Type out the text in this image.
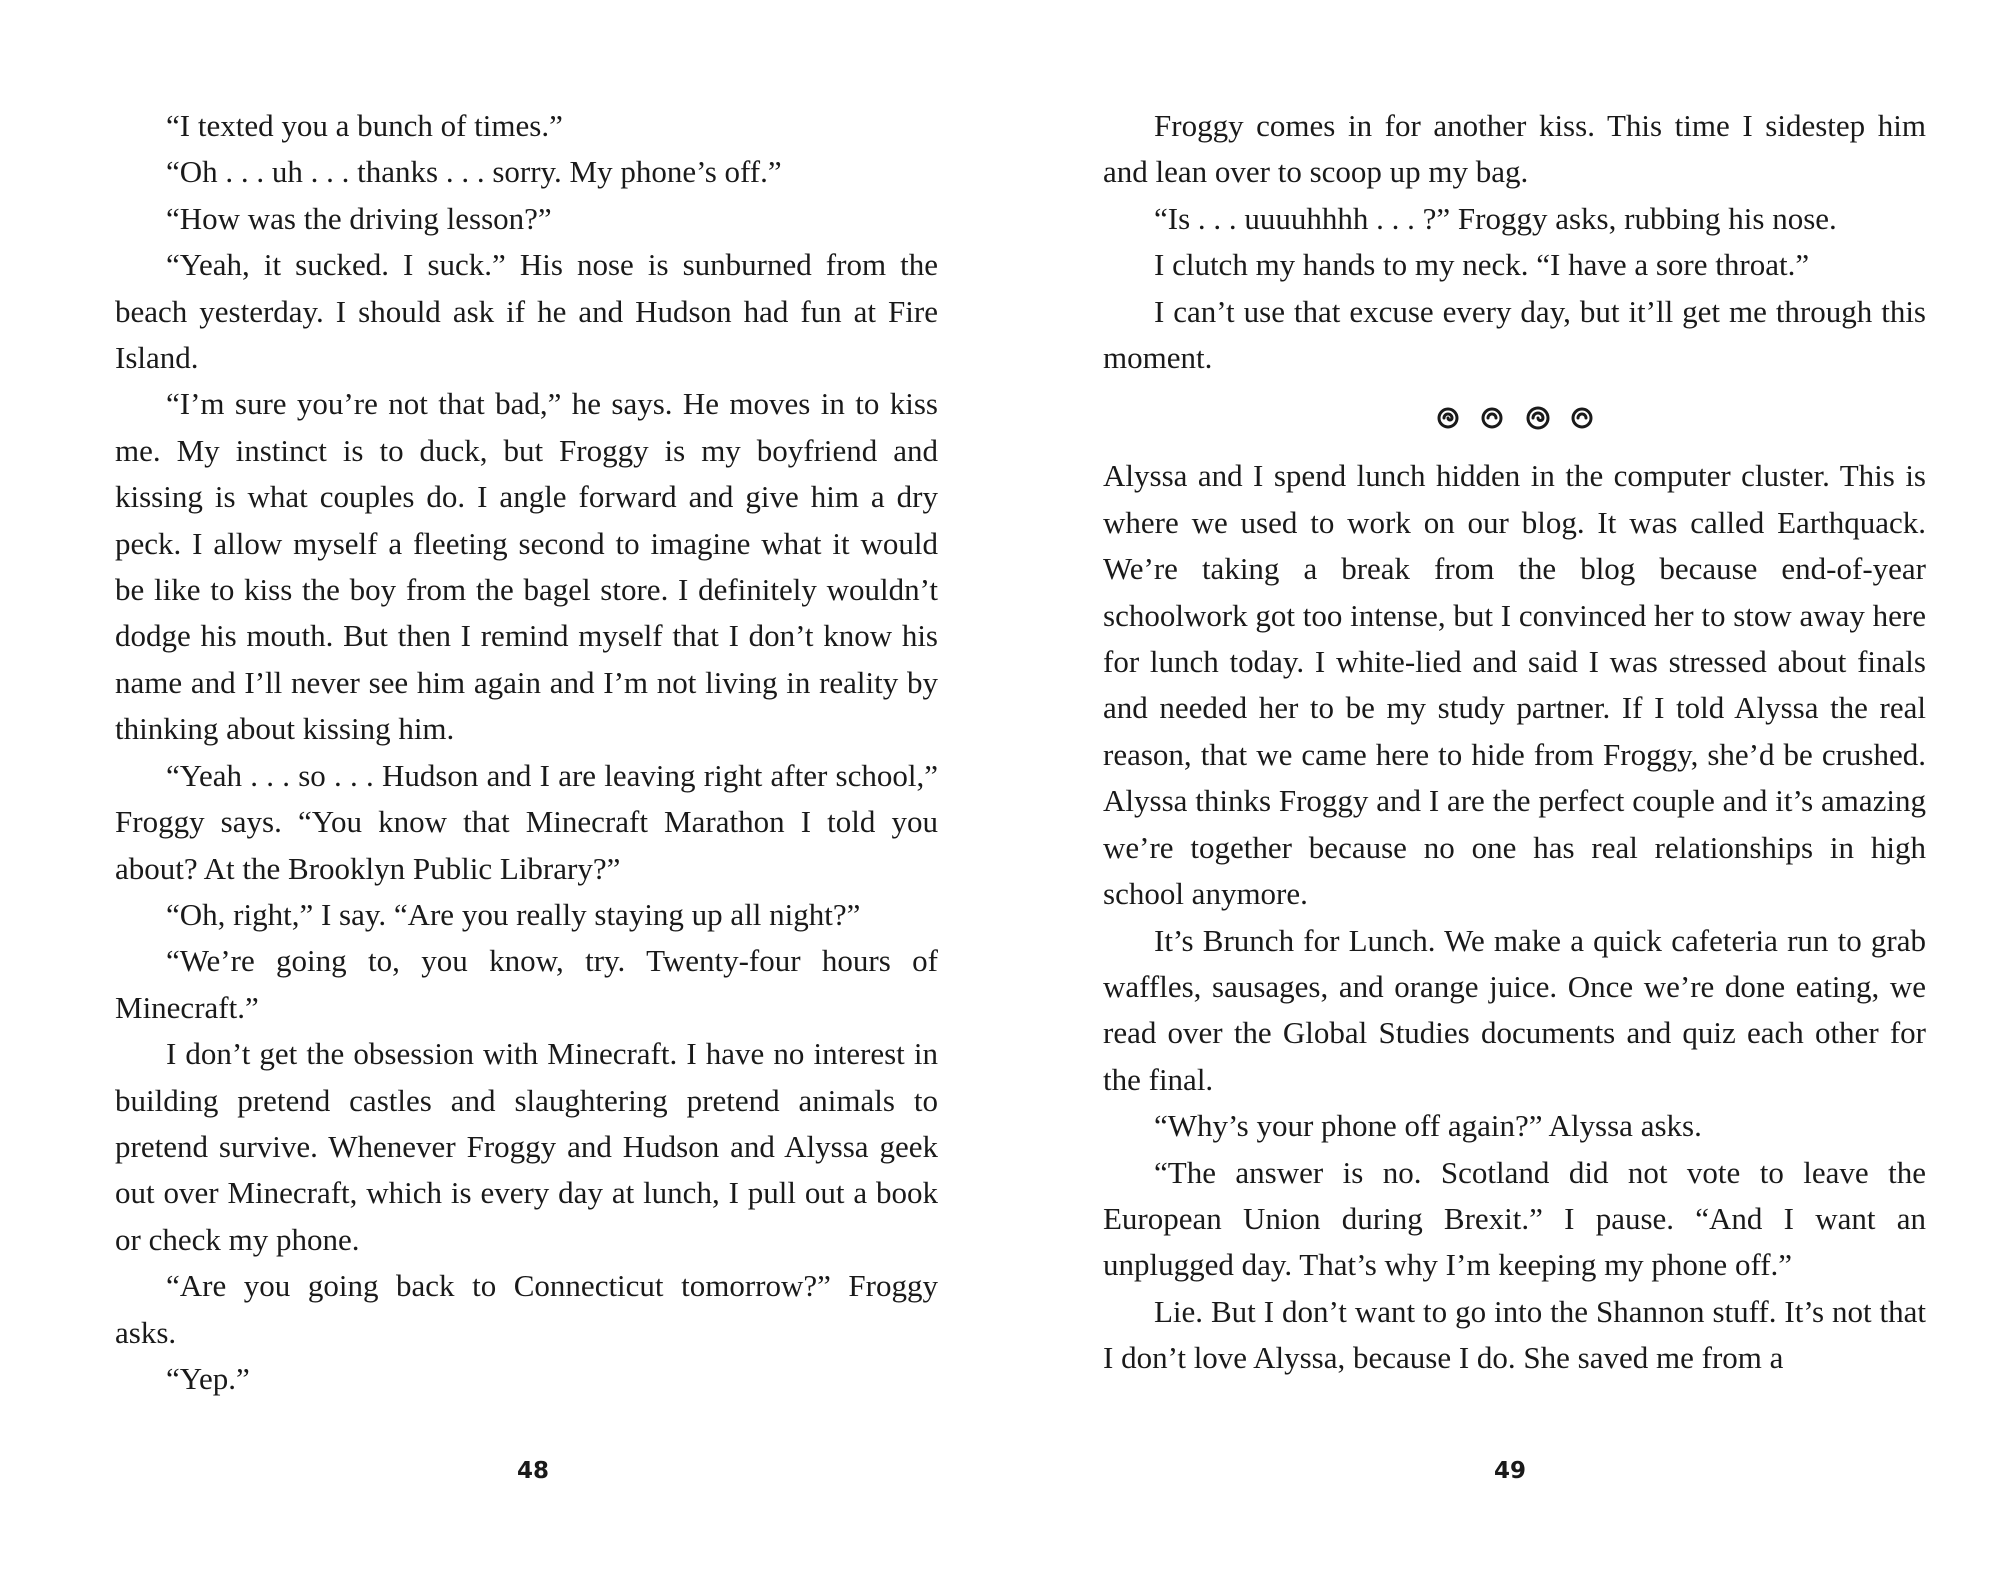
“I texted you a bunch of times.”

“Oh . . . uh . . . thanks . . . sorry. My phone’s off.”

“How was the driving lesson?”

“Yeah, it sucked. I suck.” His nose is sunburned from the beach yesterday. I should ask if he and Hudson had fun at Fire Island.

“I’m sure you’re not that bad,” he says. He moves in to kiss me. My instinct is to duck, but Froggy is my boyfriend and kissing is what couples do. I angle forward and give him a dry peck. I allow myself a fleeting second to imagine what it would be like to kiss the boy from the bagel store. I definitely wouldn’t dodge his mouth. But then I remind myself that I don’t know his name and I’ll never see him again and I’m not living in reality by thinking about kissing him.

“Yeah . . . so . . . Hudson and I are leaving right after school,” Froggy says. “You know that Minecraft Marathon I told you about? At the Brooklyn Public Library?”

“Oh, right,” I say. “Are you really staying up all night?”

“We’re going to, you know, try. Twenty-four hours of Minecraft.”

I don’t get the obsession with Minecraft. I have no interest in building pretend castles and slaughtering pretend animals to pretend survive. Whenever Froggy and Hudson and Alyssa geek out over Minecraft, which is every day at lunch, I pull out a book or check my phone.

“Are you going back to Connecticut tomorrow?” Froggy asks.

“Yep.”

48

Froggy comes in for another kiss. This time I sidestep him and lean over to scoop up my bag.

“Is . . . uuuuhhhh . . . ?” Froggy asks, rubbing his nose.

I clutch my hands to my neck. “I have a sore throat.”

I can’t use that excuse every day, but it’ll get me through this moment.

Alyssa and I spend lunch hidden in the computer cluster. This is where we used to work on our blog. It was called Earthquack. We’re taking a break from the blog because end-of-year schoolwork got too intense, but I convinced her to stow away here for lunch today. I white-lied and said I was stressed about finals and needed her to be my study partner. If I told Alyssa the real reason, that we came here to hide from Froggy, she’d be crushed. Alyssa thinks Froggy and I are the perfect couple and it’s amazing we’re together because no one has real relationships in high school anymore.

It’s Brunch for Lunch. We make a quick cafeteria run to grab waffles, sausages, and orange juice. Once we’re done eating, we read over the Global Studies documents and quiz each other for the final.

“Why’s your phone off again?” Alyssa asks.

“The answer is no. Scotland did not vote to leave the European Union during Brexit.” I pause. “And I want an unplugged day. That’s why I’m keeping my phone off.”

Lie. But I don’t want to go into the Shannon stuff. It’s not that I don’t love Alyssa, because I do. She saved me from a

49
